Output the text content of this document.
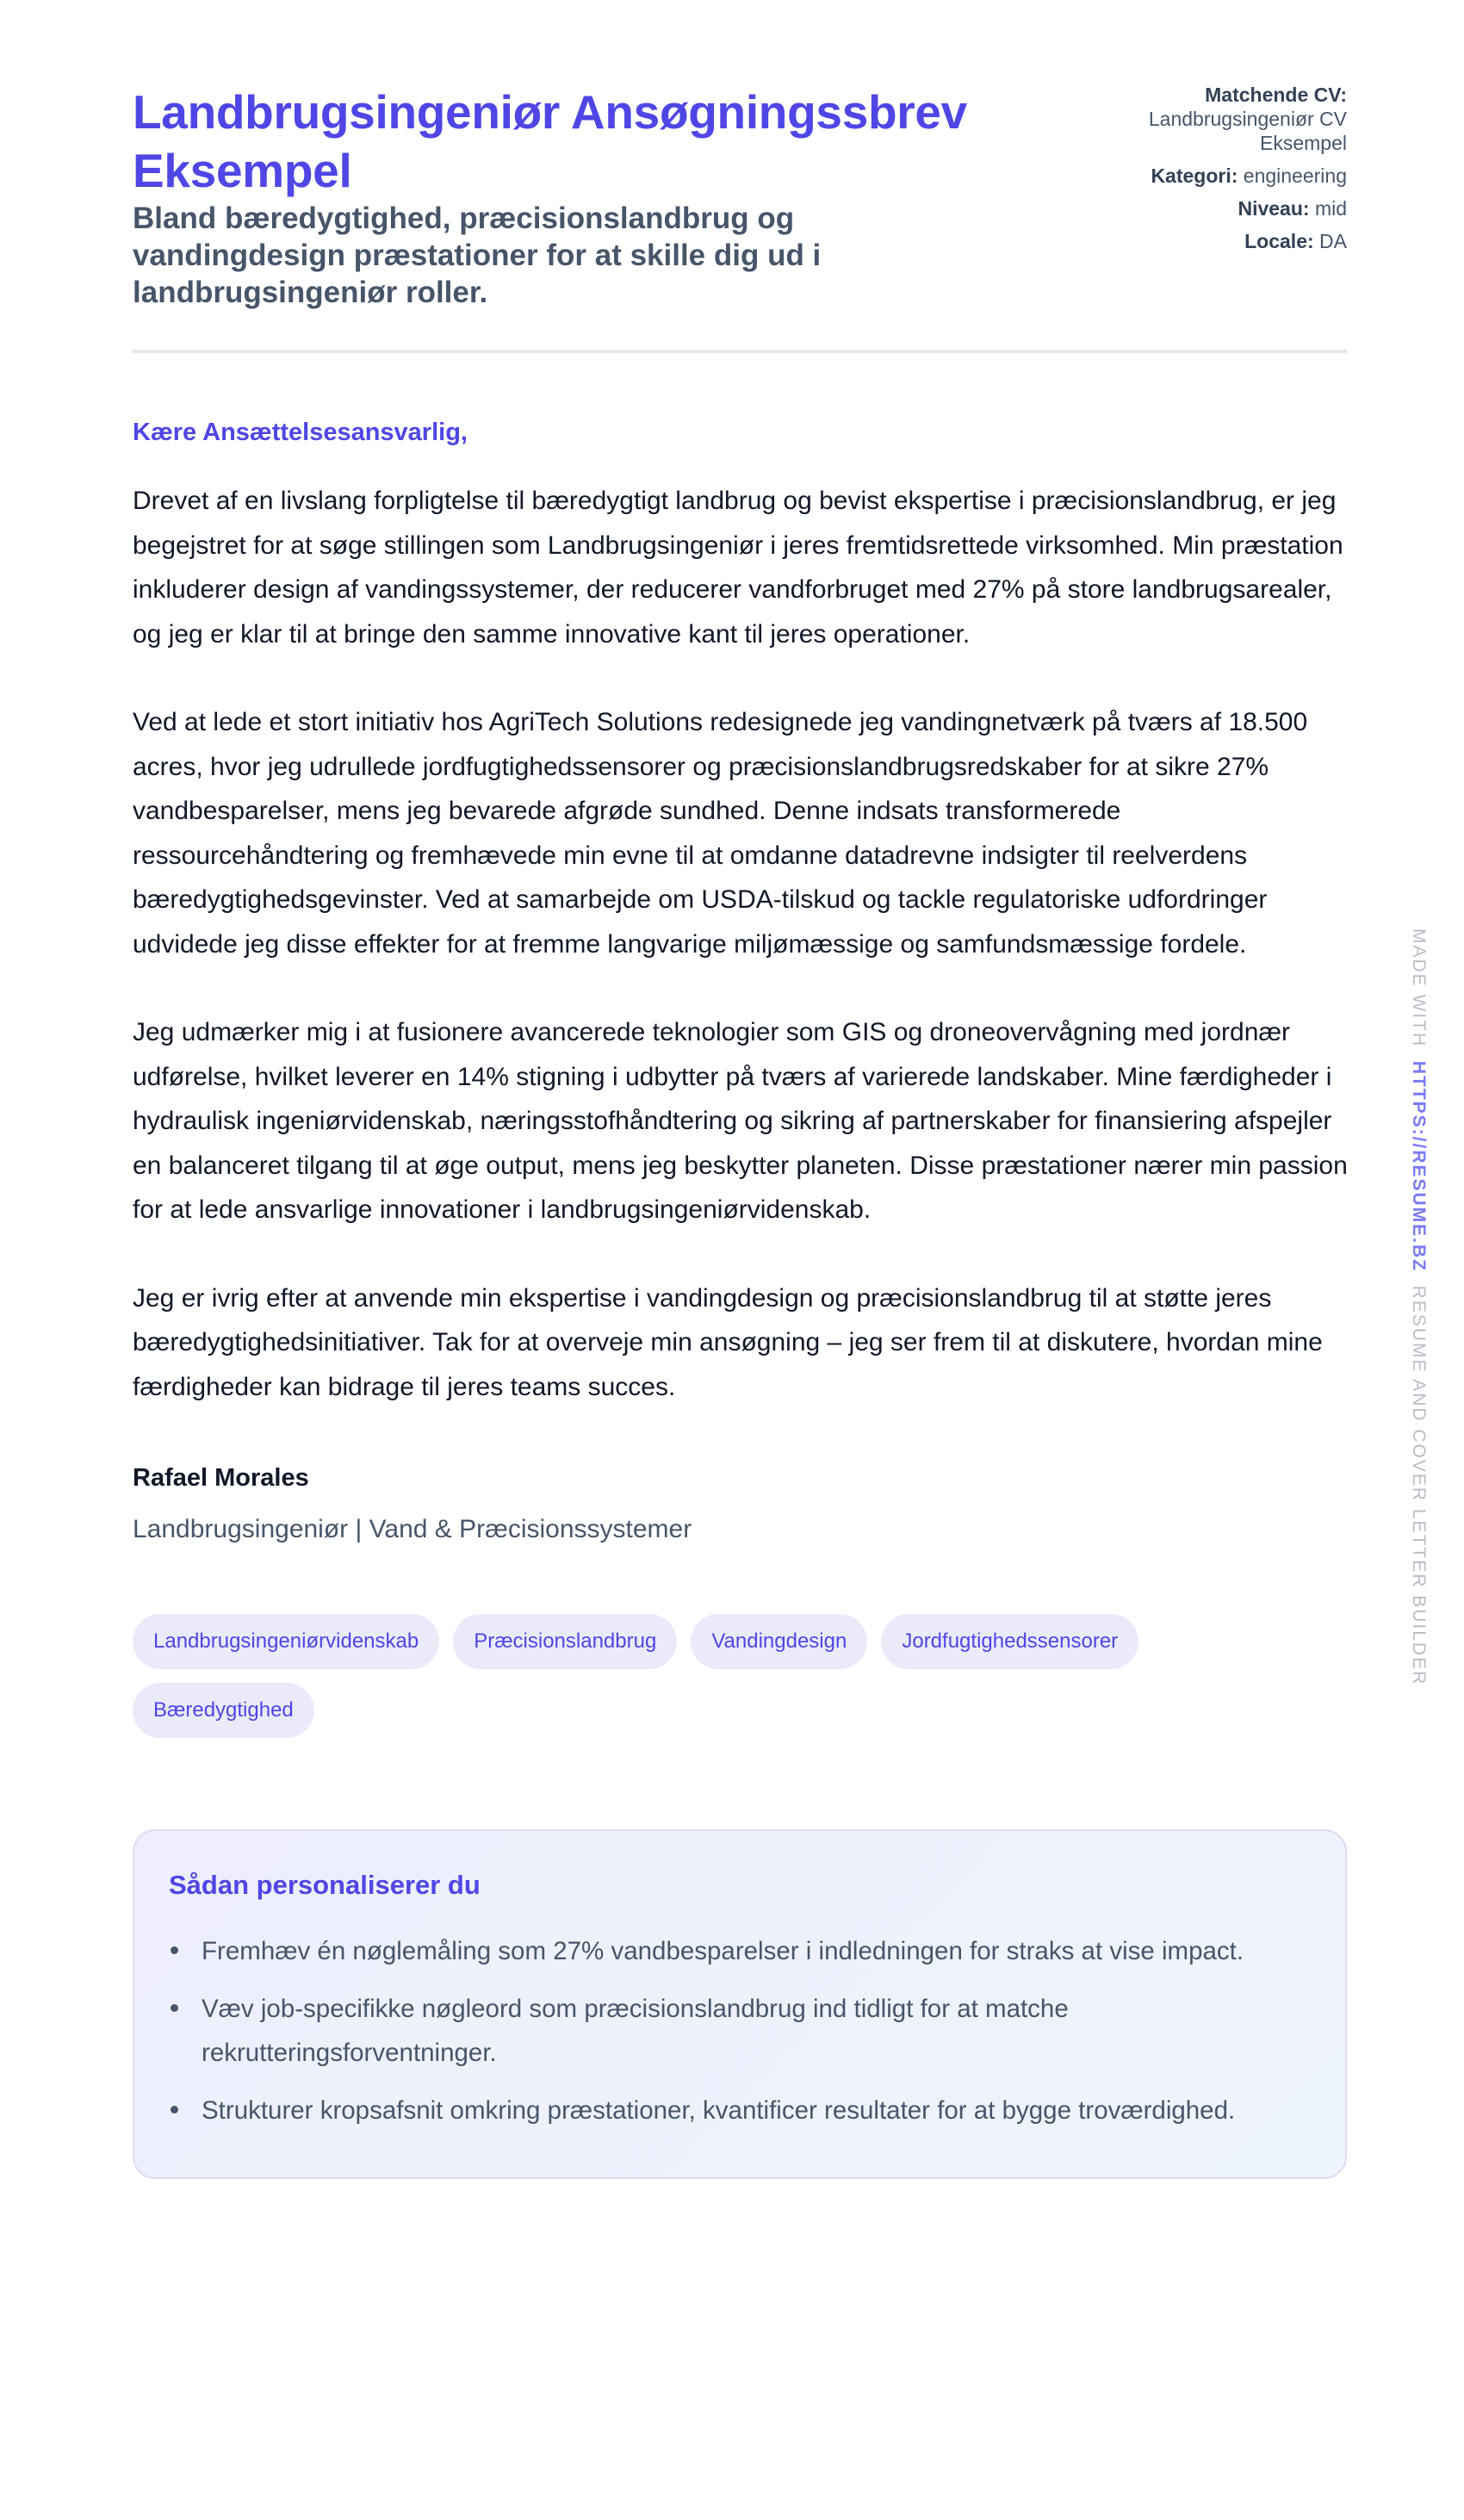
Landbrugsingeniør Ansøgningssbrev Eksempel
Bland bæredygtighed, præcisionslandbrug og vandingdesign præstationer for at skille dig ud i landbrugsingeniør roller.
Matchende CV:
Landbrugsingeniør CV Eksempel
Kategori: engineering
Niveau: mid
Locale: DA
Kære Ansættelsesansvarlig,

Drevet af en livslang forpligtelse til bæredygtigt landbrug og bevist ekspertise i præcisionslandbrug, er jeg begejstret for at søge stillingen som Landbrugsingeniør i jeres fremtidsrettede virksomhed. Min præstation inkluderer design af vandingssystemer, der reducerer vandforbruget med 27% på store landbrugsarealer, og jeg er klar til at bringe den samme innovative kant til jeres operationer.

Ved at lede et stort initiativ hos AgriTech Solutions redesignede jeg vandingnetværk på tværs af 18.500 acres, hvor jeg udrullede jordfugtighedssensorer og præcisionslandbrugsredskaber for at sikre 27% vandbesparelser, mens jeg bevarede afgrøde sundhed. Denne indsats transformerede ressourcehåndtering og fremhævede min evne til at omdanne datadrevne indsigter til reelverdens bæredygtighedsgevinster. Ved at samarbejde om USDA-tilskud og tackle regulatoriske udfordringer udvidede jeg disse effekter for at fremme langvarige miljømæssige og samfundsmæssige fordele.

Jeg udmærker mig i at fusionere avancerede teknologier som GIS og droneovervågning med jordnær udførelse, hvilket leverer en 14% stigning i udbytter på tværs af varierede landskaber. Mine færdigheder i hydraulisk ingeniørvidenskab, næringsstofhåndtering og sikring af partnerskaber for finansiering afspejler en balanceret tilgang til at øge output, mens jeg beskytter planeten. Disse præstationer nærer min passion for at lede ansvarlige innovationer i landbrugsingeniørvidenskab.

Jeg er ivrig efter at anvende min ekspertise i vandingdesign og præcisionslandbrug til at støtte jeres bæredygtighedsinitiativer. Tak for at overveje min ansøgning – jeg ser frem til at diskutere, hvordan mine færdigheder kan bidrage til jeres teams succes.

Rafael Morales
Landbrugsingeniør | Vand & Præcisionssystemer
Landbrugsingeniørvidenskab	Præcisionslandbrug	Vandingdesign	Jordfugtighedssensorer
Bæredygtighed
Sådan personaliserer du
Fremhæv én nøglemåling som 27% vandbesparelser i indledningen for straks at vise impact.
Væv job-specifikke nøgleord som præcisionslandbrug ind tidligt for at matche rekrutteringsforventninger.
Strukturer kropsafsnit omkring præstationer, kvantificer resultater for at bygge troværdighed.
MADE WITH  HTTPS://RESUME.BZ  RESUME AND COVER LETTER BUILDER
